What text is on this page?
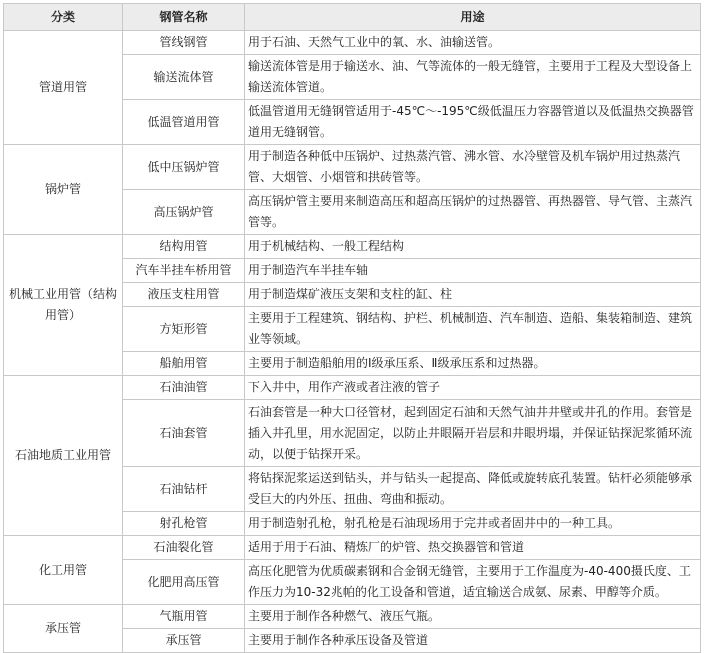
分类	钢管名称	用途
管道用管	管线钢管	用于石油、天然气工业中的氧、水、油输送管。
	输送流体管	输送流体管是用于输送水、油、气等流体的一般无缝管，主要用于工程及大型设备上输送流体管道。
	低温管道用管	低温管道用无缝钢管适用于-45℃～-195℃级低温压力容器管道以及低温热交换器管道用无缝钢管。
锅炉管	低中压锅炉管	用于制造各种低中压锅炉、过热蒸汽管、沸水管、水冷壁管及机车锅炉用过热蒸汽管、大烟管、小烟管和拱砖管等。
	高压锅炉管	高压锅炉管主要用来制造高压和超高压锅炉的过热器管、再热器管、导气管、主蒸汽管等。
机械工业用管（结构用管）	结构用管	用于机械结构、一般工程结构
	汽车半挂车桥用管	用于制造汽车半挂车轴
	液压支柱用管	用于制造煤矿液压支架和支柱的缸、柱
	方矩形管	主要用于工程建筑、钢结构、护栏、机械制造、汽车制造、造船、集装箱制造、建筑业等领域。
	船舶用管	主要用于制造船舶用的Ⅰ级承压系、Ⅱ级承压系和过热器。
石油地质工业用管	石油油管	下入井中，用作产液或者注液的管子
	石油套管	石油套管是一种大口径管材，起到固定石油和天然气油井井壁或井孔的作用。套管是插入井孔里，用水泥固定，以防止井眼隔开岩层和井眼坍塌，并保证钻探泥浆循环流动，以便于钻探开采。
	石油钻杆	将钻探泥浆运送到钻头，并与钻头一起提高、降低或旋转底孔装置。钻杆必须能够承受巨大的内外压、扭曲、弯曲和振动。
	射孔枪管	用于制造射孔枪，射孔枪是石油现场用于完井或者固井中的一种工具。
化工用管	石油裂化管	适用于用于石油、精炼厂的炉管、热交换器管和管道
	化肥用高压管	高压化肥管为优质碳素钢和合金钢无缝管，主要用于工作温度为-40-400摄氏度、工作压力为10-32兆帕的化工设备和管道，适宜输送合成氨、尿素、甲醇等介质。
承压管	气瓶用管	主要用于制作各种燃气、液压气瓶。
	承压管	主要用于制作各种承压设备及管道
